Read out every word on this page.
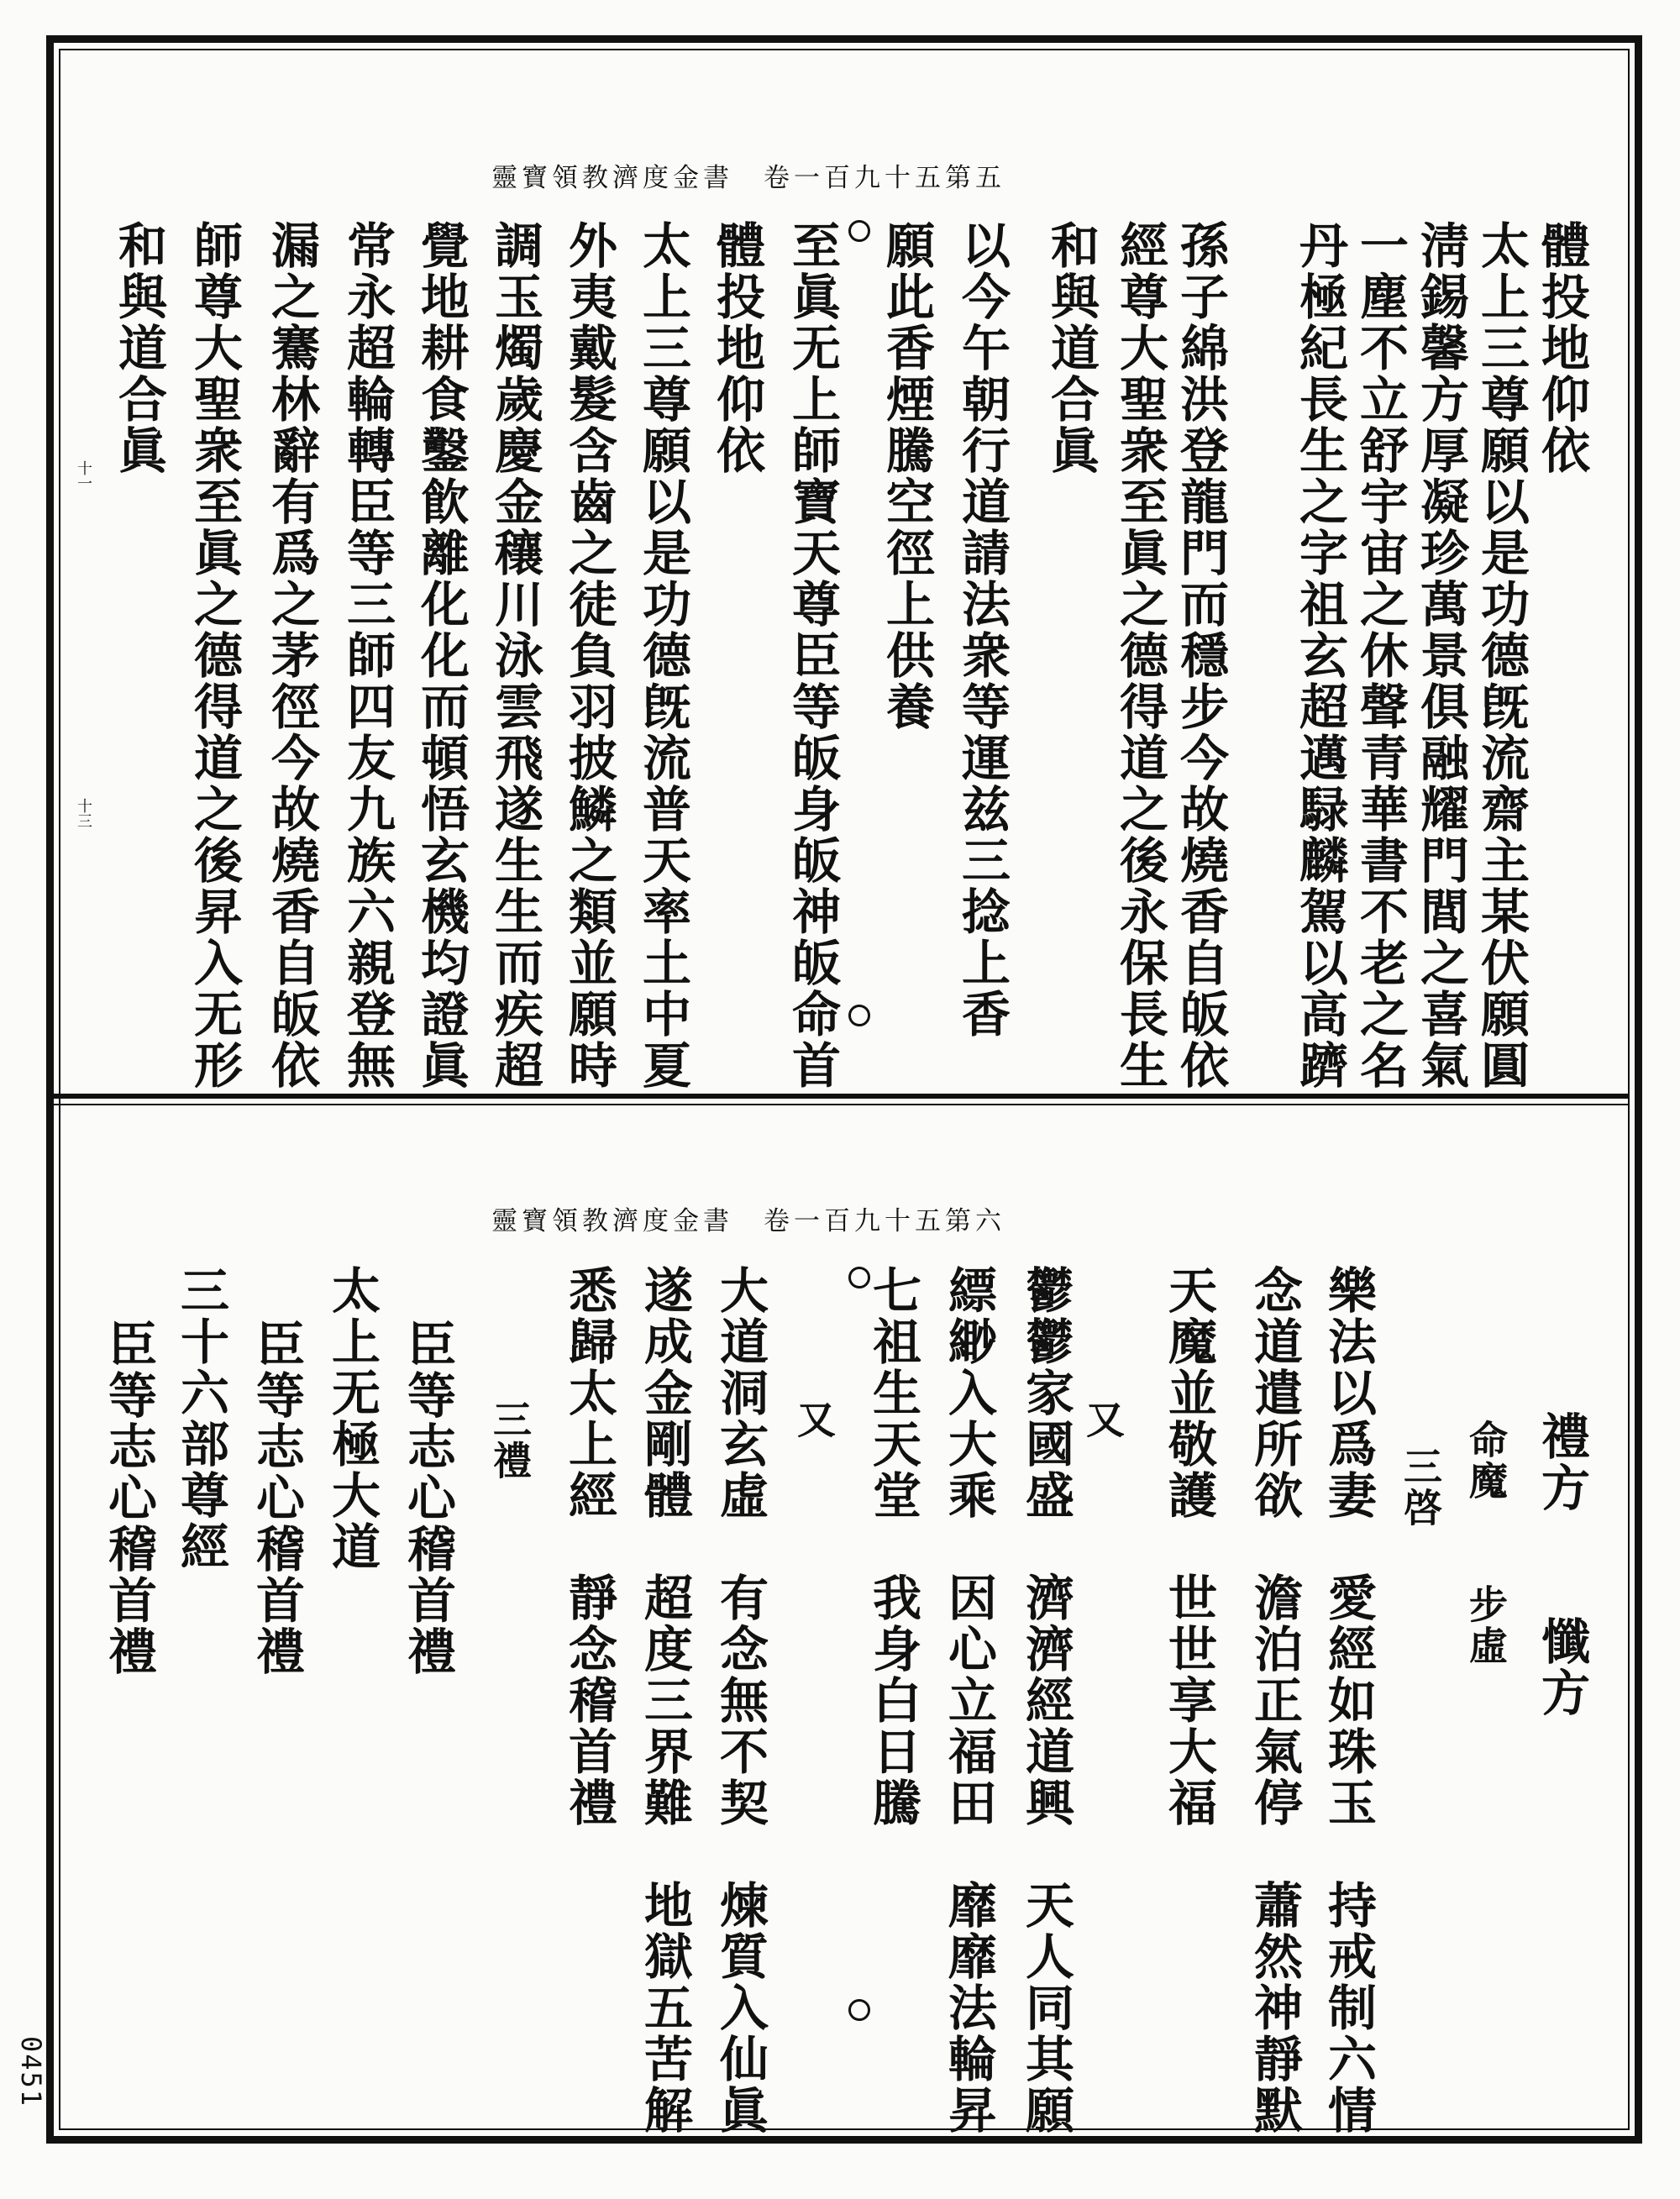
靈寶領教濟度金書　卷一百九十五第五
體投地仰依
太上三尊願以是功德旣流齋主某伏願圓
淸錫馨方厚凝珍萬景俱融耀門閭之喜氣
一塵不立舒宇宙之休聲青華書不老之名
丹極紀長生之字祖玄超邁騄麟駕以高躋
孫子綿洪登龍門而穩步今故燒香自皈依
經尊大聖衆至眞之德得道之後永保長生
和與道合眞
以今午朝行道請法衆等運兹三捻上香
願此香煙騰空徑上供養
至眞无上師寶天尊臣等皈身皈神皈命首
體投地仰依
太上三尊願以是功德旣流普天率土中夏
外夷戴髮含齒之徒負羽披鱗之類並願時
調玉燭歲慶金穰川泳雲飛遂生生而疾超
覺地耕食鑿飮離化化而頓悟玄機均證眞
常永超輪轉臣等三師四友九族六親登無
漏之騫林辭有爲之茅徑今故燒香自皈依
師尊大聖衆至眞之德得道之後昇入无形
和與道合眞
十三
十一
靈寶領教濟度金書　卷一百九十五第六
禮方　　懺方
命魔　　步虛
三啓
樂法以爲妻　愛經如珠玉　持戒制六情
念道遣所欲　澹泊正氣停　蕭然神靜默
天魔並敬護　世世享大福
又
鬱鬱家國盛　濟濟經道興　天人同其願
縹緲入大乘　因心立福田　靡靡法輪昇
七祖生天堂　我身白日騰
又
大道洞玄虛　有念無不契　煉質入仙眞
遂成金剛體　超度三界難　地獄五苦解
悉歸太上經　靜念稽首禮
三禮
臣等志心稽首禮
太上无極大道
臣等志心稽首禮
三十六部尊經
臣等志心稽首禮
0451
